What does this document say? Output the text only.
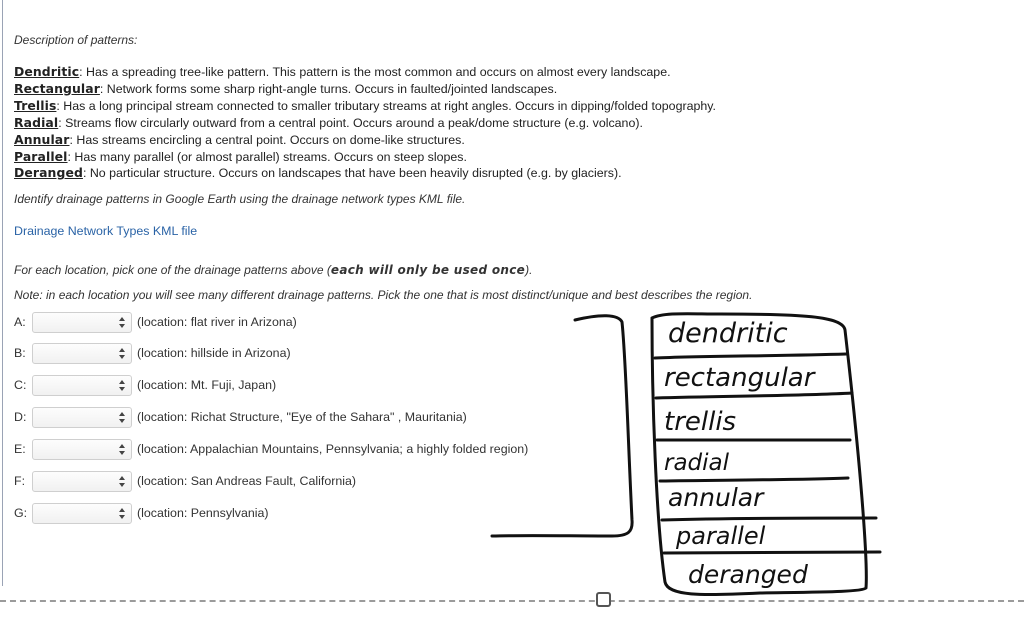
Description of patterns:

Dendritic: Has a spreading tree-like pattern. This pattern is the most common and occurs on almost every landscape.
Rectangular: Network forms some sharp right-angle turns. Occurs in faulted/jointed landscapes.
Trellis: Has a long principal stream connected to smaller tributary streams at right angles. Occurs in dipping/folded topography.
Radial: Streams flow circularly outward from a central point. Occurs around a peak/dome structure (e.g. volcano).
Annular: Has streams encircling a central point. Occurs on dome-like structures.
Parallel: Has many parallel (or almost parallel) streams. Occurs on steep slopes.
Deranged: No particular structure. Occurs on landscapes that have been heavily disrupted (e.g. by glaciers).

Identify drainage patterns in Google Earth using the drainage network types KML file.

Drainage Network Types KML file

For each location, pick one of the drainage patterns above (each will only be used once).

Note: in each location you will see many different drainage patterns. Pick the one that is most distinct/unique and best describes the region.

A:	(location: flat river in Arizona)
B:	(location: hillside in Arizona)
C:	(location: Mt. Fuji, Japan)
D:	(location: Richat Structure, "Eye of the Sahara" , Mauritania)
E:	(location: Appalachian Mountains, Pennsylvania; a highly folded region)
F:	(location: San Andreas Fault, California)
G:	(location: Pennsylvania)
dendritic
rectangular
trellis
radial
annular
parallel
deranged
